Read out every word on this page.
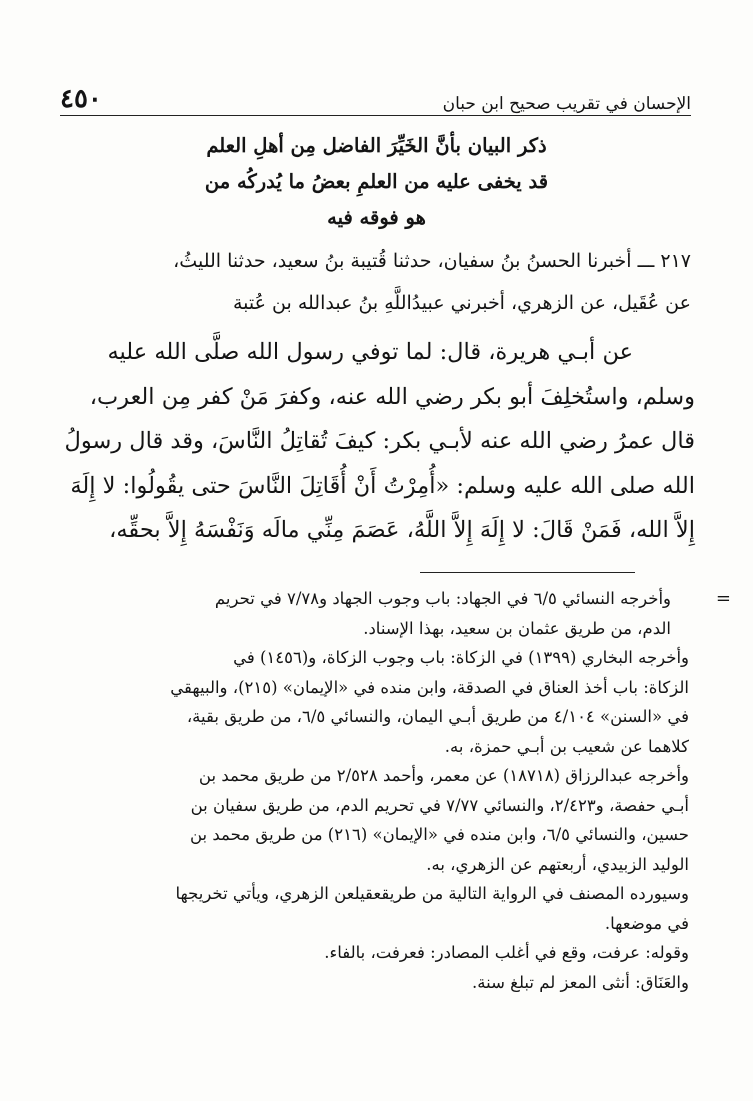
الإحسان في تقريب صحيح ابن حبان
٤٥٠
ذكر البيان بأنَّ الخَيِّرَ الفاضل مِن أهلِ العلم
قد يخفى عليه من العلمِ بعضُ ما يُدركُه من
هو فوقه فيه
٢١٧ ـــ أخبرنا الحسنُ بنُ سفيان، حدثنا قُتيبة بنُ سعيد، حدثنا الليثُ،
عن عُقَيل، عن الزهري، أخبرني عبيدُاللَّهِ بنُ عبدالله بن عُتبة
عن أبـي هريرة، قال: لما توفي رسول الله صلَّى الله عليه
وسلم، واستُخلِفَ أبو بكر رضي الله عنه، وكفرَ مَنْ كفر مِن العرب،
قال عمرُ رضي الله عنه لأبـي بكر: كيفَ تُقاتِلُ النَّاسَ، وقد قال رسولُ
الله صلى الله عليه وسلم: «أُمِرْتُ أَنْ أُقَاتِلَ النَّاسَ حتى يقُولُوا: لا إِلَهَ
إِلاَّ الله، فَمَنْ قَالَ: لا إِلَهَ إِلاَّ اللَّهُ، عَصَمَ مِنِّي مالَه وَنَفْسَهُ إِلاَّ بحقِّه،
=
وأخرجه النسائي ٦/٥ في الجهاد: باب وجوب الجهاد و٧/٧٨ في تحريم
الدم، من طريق عثمان بن سعيد، بهذا الإسناد.
وأخرجه البخاري (١٣٩٩) في الزكاة: باب وجوب الزكاة، و(١٤٥٦) في
الزكاة: باب أخذ العناق في الصدقة، وابن منده في «الإيمان» (٢١٥)، والبيهقي
في «السنن» ٤/١٠٤ من طريق أبـي اليمان، والنسائي ٦/٥، من طريق بقية،
كلاهما عن شعيب بن أبـي حمزة، به.
وأخرجه عبدالرزاق (١٨٧١٨) عن معمر، وأحمد ٢/٥٢٨ من طريق محمد بن
أبـي حفصة، و٢/٤٢٣، والنسائي ٧/٧٧ في تحريم الدم، من طريق سفيان بن
حسين، والنسائي ٦/٥، وابن منده في «الإيمان» (٢١٦) من طريق محمد بن
الوليد الزبيدي، أربعتهم عن الزهري، به.
وسيورده المصنف في الرواية التالية من طريقعقيلعن الزهري، ويأتي تخريجها
في موضعها.
وقوله: عرفت، وقع في أغلب المصادر: فعرفت، بالفاء.
والعَنَاق: أنثى المعز لم تبلغ سنة.
